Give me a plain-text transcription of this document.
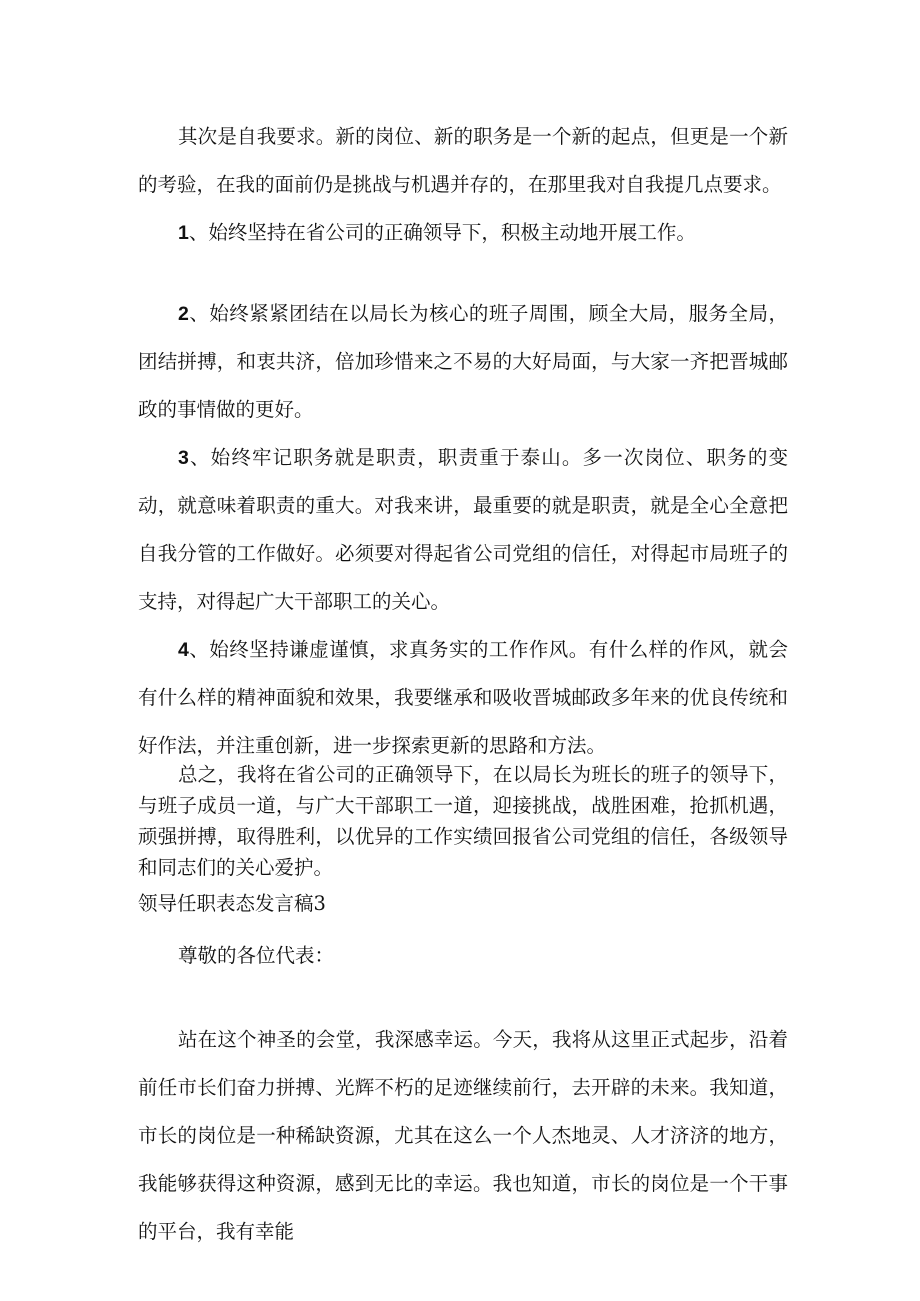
其次是自我要求。新的岗位、新的职务是一个新的起点，但更是一个新的考验，在我的面前仍是挑战与机遇并存的，在那里我对自我提几点要求。

1、始终坚持在省公司的正确领导下，积极主动地开展工作。

2、始终紧紧团结在以局长为核心的班子周围，顾全大局，服务全局，团结拼搏，和衷共济，倍加珍惜来之不易的大好局面，与大家一齐把晋城邮政的事情做的更好。

3、始终牢记职务就是职责，职责重于泰山。多一次岗位、职务的变动，就意味着职责的重大。对我来讲，最重要的就是职责，就是全心全意把自我分管的工作做好。必须要对得起省公司党组的信任，对得起市局班子的支持，对得起广大干部职工的关心。

4、始终坚持谦虚谨慎，求真务实的工作作风。有什么样的作风，就会有什么样的精神面貌和效果，我要继承和吸收晋城邮政多年来的优良传统和好作法，并注重创新，进一步探索更新的思路和方法。

总之，我将在省公司的正确领导下，在以局长为班长的班子的领导下，与班子成员一道，与广大干部职工一道，迎接挑战，战胜困难，抢抓机遇，顽强拼搏，取得胜利，以优异的工作实绩回报省公司党组的信任，各级领导和同志们的关心爱护。

领导任职表态发言稿3

尊敬的各位代表：

站在这个神圣的会堂，我深感幸运。今天，我将从这里正式起步，沿着前任市长们奋力拼搏、光辉不朽的足迹继续前行，去开辟的未来。我知道，市长的岗位是一种稀缺资源，尤其在这么一个人杰地灵、人才济济的地方，我能够获得这种资源，感到无比的幸运。我也知道，市长的岗位是一个干事的平台，我有幸能
